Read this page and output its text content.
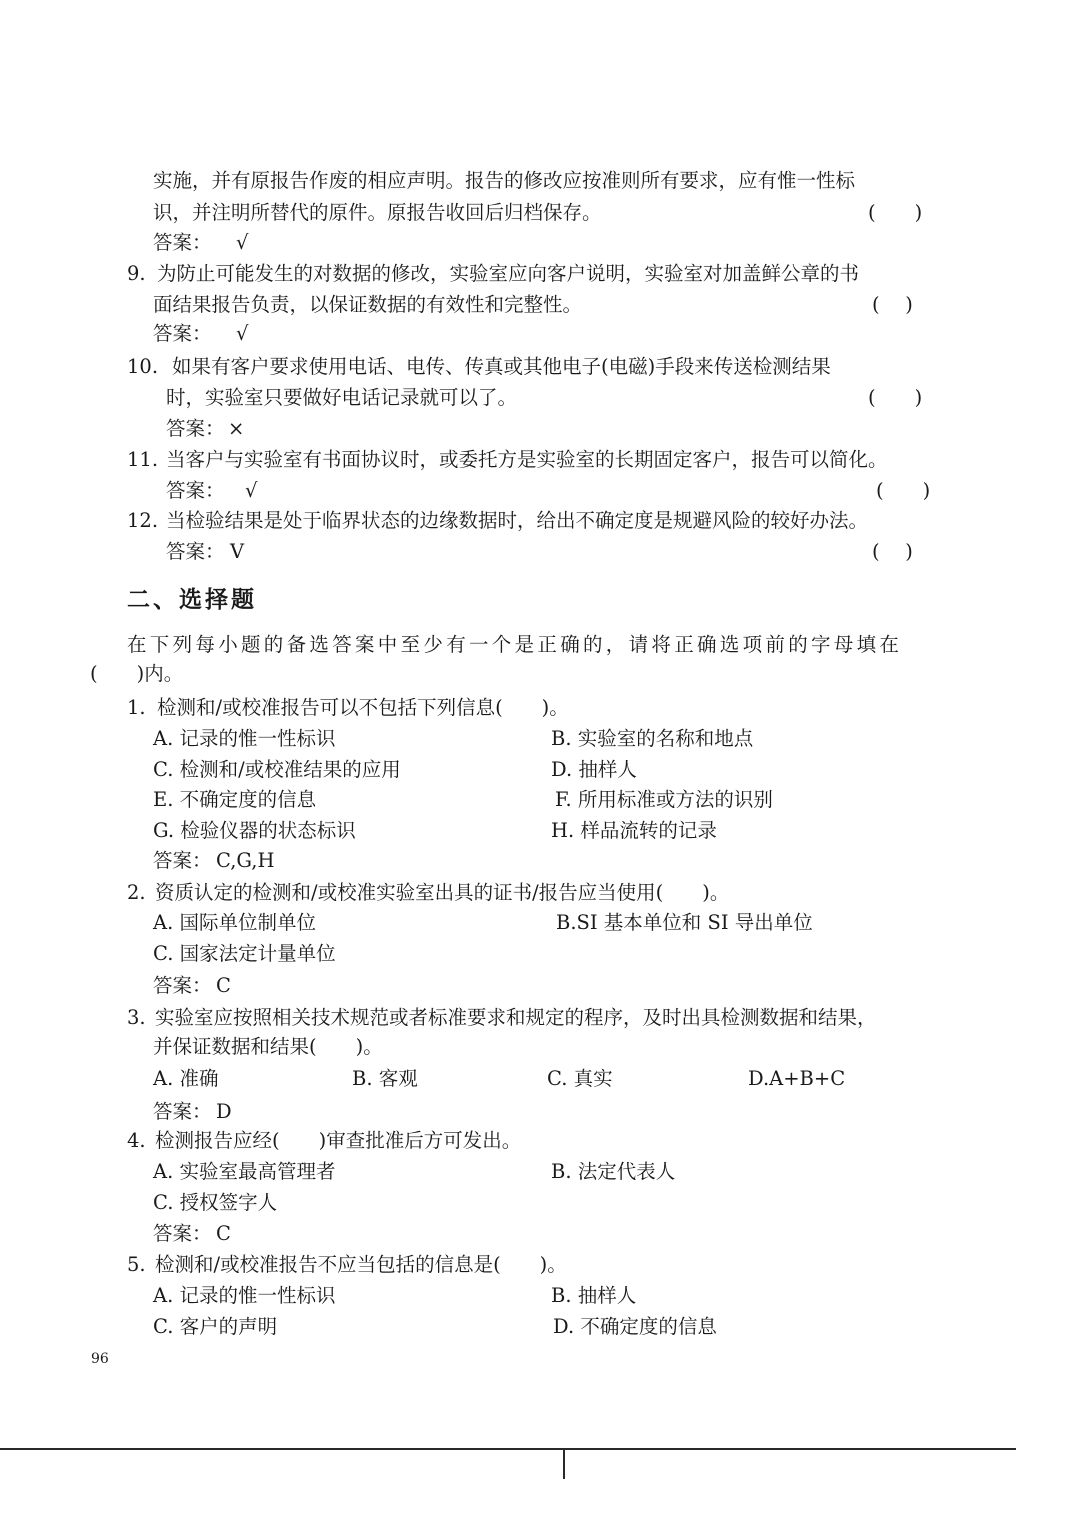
实施，并有原报告作废的相应声明。报告的修改应按准则所有要求，应有惟一性标
识，并注明所替代的原件。原报告收回后归档保存。	(　　)
答案： √
9. 为防止可能发生的对数据的修改，实验室应向客户说明，实验室对加盖鲜公章的书
面结果报告负责，以保证数据的有效性和完整性。	(　 )
答案： √
10. 如果有客户要求使用电话、电传、传真或其他电子(电磁)手段来传送检测结果
时，实验室只要做好电话记录就可以了。	(　　)
答案： ×
11. 当客户与实验室有书面协议时，或委托方是实验室的长期固定客户，报告可以简化。
答案： √	(　　)
12. 当检验结果是处于临界状态的边缘数据时，给出不确定度是规避风险的较好办法。
答案： V	(　 )
二、选择题
在下列每小题的备选答案中至少有一个是正确的，请将正确选项前的字母填在
(　　)内。
1. 检测和/或校准报告可以不包括下列信息(　　)。
A. 记录的惟一性标识	B. 实验室的名称和地点
C. 检测和/或校准结果的应用	D. 抽样人
E. 不确定度的信息	F. 所用标准或方法的识别
G. 检验仪器的状态标识	H. 样品流转的记录
答案： C,G,H
2. 资质认定的检测和/或校准实验室出具的证书/报告应当使用(　　)。
A. 国际单位制单位	B.SI 基本单位和 SI 导出单位
C. 国家法定计量单位
答案： C
3. 实验室应按照相关技术规范或者标准要求和规定的程序，及时出具检测数据和结果，
并保证数据和结果(　　)。
A. 准确	B. 客观	C. 真实	D.A+B+C
答案： D
4. 检测报告应经(　　)审查批准后方可发出。
A. 实验室最高管理者	B. 法定代表人
C. 授权签字人
答案： C
5. 检测和/或校准报告不应当包括的信息是(　　)。
A. 记录的惟一性标识	B. 抽样人
C. 客户的声明	D. 不确定度的信息
96
